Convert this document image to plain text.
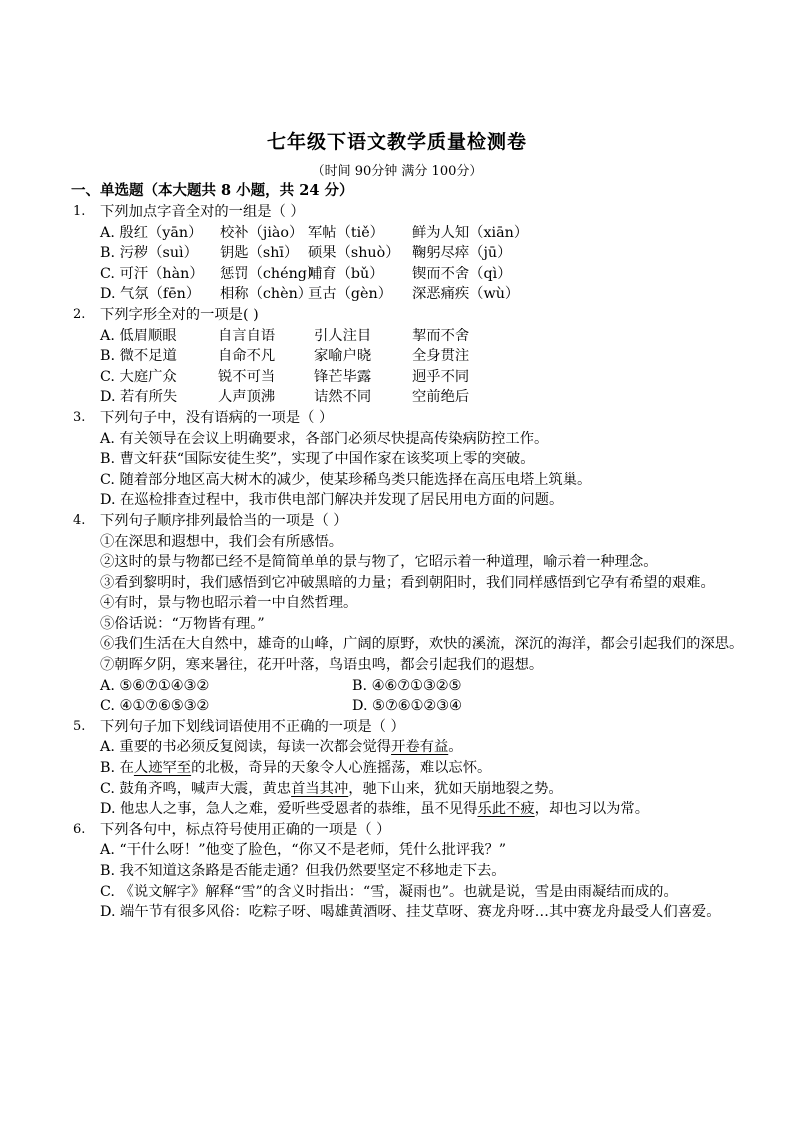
七年级下语文教学质量检测卷
（时间 90分钟 满分 100分）
一、单选题（本大题共 8 小题，共 24 分）
1.	下列加点字音全对的一组是（ ）
A. 殷红（yān） 校补（jiào） 军帖（tiě） 鲜为人知（xiān）
B. 污秽（suì） 钥匙（shī） 硕果（shuò） 鞠躬尽瘁（jū）
C. 可汗（hàn） 惩罚（chéng）哺育（bǔ） 锲而不舍（qì）
D. 气氛（fēn） 相称（chèn）亘古（gèn） 深恶痛疾（wù）
2.	下列字形全对的一项是( )
A. 低眉顺眼	自言自语	引人注目	挈而不舍
B. 微不足道	自命不凡	家喻户晓	全身贯注
C. 大庭广众	锐不可当	锋芒毕露	迥乎不同
D. 若有所失	人声顶沸	诘然不同	空前绝后
3.	下列句子中，没有语病的一项是（ ）
A. 有关领导在会议上明确要求，各部门必须尽快提高传染病防控工作。
B. 曹文轩获“国际安徒生奖”，实现了中国作家在该奖项上零的突破。
C. 随着部分地区高大树木的减少，使某珍稀鸟类只能选择在高压电塔上筑巢。
D. 在巡检排查过程中，我市供电部门解决并发现了居民用电方面的问题。
4.	下列句子顺序排列最恰当的一项是（ ）
①在深思和遐想中，我们会有所感悟。
②这时的景与物都已经不是简简单单的景与物了，它昭示着一种道理，喻示着一种理念。
③看到黎明时，我们感悟到它冲破黑暗的力量；看到朝阳时，我们同样感悟到它孕有希望的艰难。
④有时，景与物也昭示着一中自然哲理。
⑤俗话说：“万物皆有理。”
⑥我们生活在大自然中，雄奇的山峰，广阔的原野，欢快的溪流，深沉的海洋，都会引起我们的深思。
⑦朝晖夕阴，寒来暑往，花开叶落，鸟语虫鸣，都会引起我们的遐想。
A. ⑤⑥⑦①④③②	B. ④⑥⑦①③②⑤
C. ④①⑦⑥⑤③②	D. ⑤⑦⑥①②③④
5.	下列句子加下划线词语使用不正确的一项是（ ）
A. 重要的书必须反复阅读，每读一次都会觉得开卷有益。
B. 在人迹罕至的北极，奇异的天象令人心旌摇荡，难以忘怀。
C. 鼓角齐鸣，喊声大震，黄忠首当其冲，驰下山来，犹如天崩地裂之势。
D. 他忠人之事，急人之难，爱听些受恩者的恭维，虽不见得乐此不疲，却也习以为常。
6.	下列各句中，标点符号使用正确的一项是（ ）
A. “干什么呀！”他变了脸色，“你又不是老师，凭什么批评我？”
B. 我不知道这条路是否能走通？但我仍然要坚定不移地走下去。
C. 《说文解字》解释“雪”的含义时指出：“雪，凝雨也”。也就是说，雪是由雨凝结而成的。
D. 端午节有很多风俗：吃粽子呀、喝雄黄酒呀、挂艾草呀、赛龙舟呀…其中赛龙舟最受人们喜爱。
